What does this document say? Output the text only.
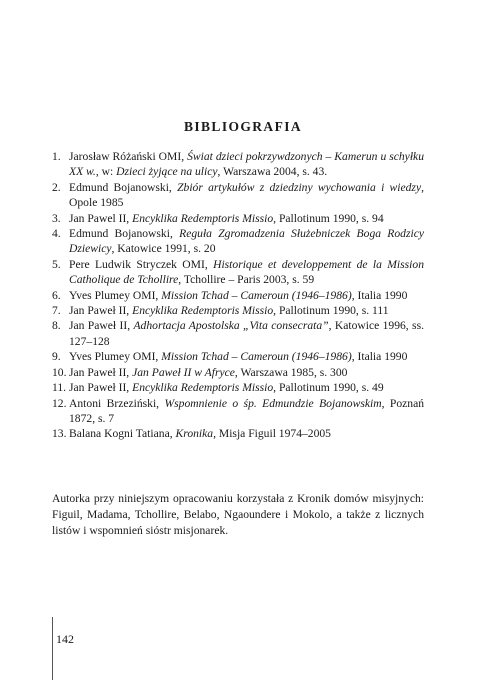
BIBLIOGRAFIA
1. Jarosław Różański OMI, Świat dzieci pokrzywdzonych – Kamerun u schyłku XX w., w: Dzieci żyjące na ulicy, Warszawa 2004, s. 43.
2. Edmund Bojanowski, Zbiór artykułów z dziedziny wychowania i wiedzy, Opole 1985
3. Jan Pawel II, Encyklika Redemptoris Missio, Pallotinum 1990, s. 94
4. Edmund Bojanowski, Reguła Zgromadzenia Służebniczek Boga Rodzicy Dziewicy, Katowice 1991, s. 20
5. Pere Ludwik Stryczek OMI, Historique et developpement de la Mission Catholique de Tchollire, Tchollire – Paris 2003, s. 59
6. Yves Plumey OMI, Mission Tchad – Cameroun (1946–1986), Italia 1990
7. Jan Paweł II, Encyklika Redemptoris Missio, Pallotinum 1990, s. 111
8. Jan Paweł II, Adhortacja Apostolska „Vita consecrata”, Katowice 1996, ss. 127–128
9. Yves Plumey OMI, Mission Tchad – Cameroun (1946–1986), Italia 1990
10. Jan Paweł II, Jan Paweł II w Afryce, Warszawa 1985, s. 300
11. Jan Paweł II, Encyklika Redemptoris Missio, Pallotinum 1990, s. 49
12. Antoni Brzeziński, Wspomnienie o śp. Edmundzie Bojanowskim, Poznań 1872, s. 7
13. Balana Kogni Tatiana, Kronika, Misja Figuil 1974–2005

Autorka przy niniejszym opracowaniu korzystała z Kronik domów misyjnych: Figuil, Madama, Tchollire, Belabo, Ngaoundere i Mokolo, a także z licznych listów i wspomnień sióstr misjonarek.

142
